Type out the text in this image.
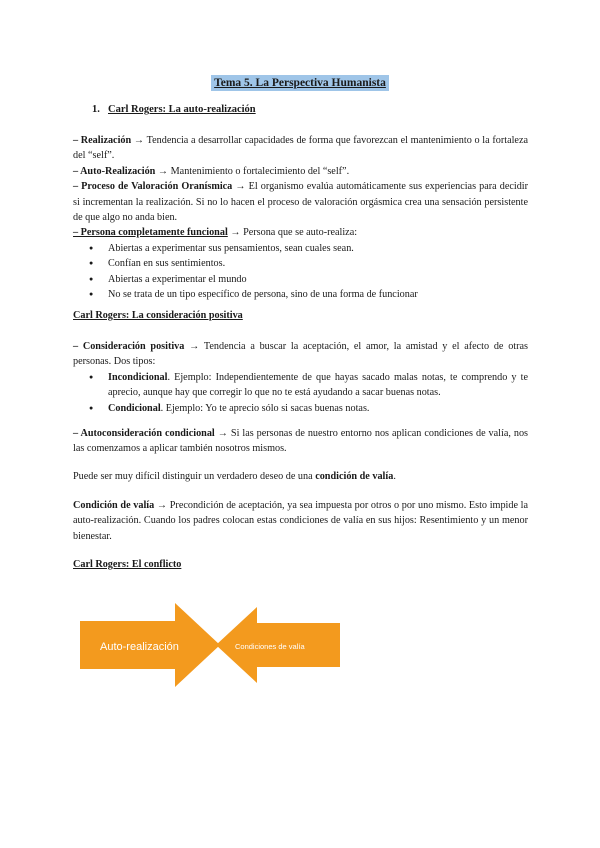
Tema 5. La Perspectiva Humanista
1. Carl Rogers: La auto-realización

– Realización → Tendencia a desarrollar capacidades de forma que favorezcan el mantenimiento o la fortaleza del “self”.

– Auto-Realización → Mantenimiento o fortalecimiento del “self”.

– Proceso de Valoración Oranísmica → El organismo evalúa automáticamente sus experiencias para decidir si incrementan la realización. Si no lo hacen el proceso de valoración orgásmica crea una sensación persistente de que algo no anda bien.

– Persona completamente funcional → Persona que se auto-realiza:

● Abiertas a experimentar sus pensamientos, sean cuales sean.
● Confían en sus sentimientos.
● Abiertas a experimentar el mundo
● No se trata de un tipo específico de persona, sino de una forma de funcionar
Carl Rogers: La consideración positiva

– Consideración positiva → Tendencia a buscar la aceptación, el amor, la amistad y el afecto de otras personas. Dos tipos:

● Incondicional. Ejemplo: Independientemente de que hayas sacado malas notas, te comprendo y te aprecio, aunque hay que corregir lo que no te está ayudando a sacar buenas notas.
● Condicional. Ejemplo: Yo te aprecio sólo si sacas buenas notas.

– Autoconsideración condicional → Si las personas de nuestro entorno nos aplican condiciones de valía, nos las comenzamos a aplicar también nosotros mismos.

Puede ser muy difícil distinguir un verdadero deseo de una condición de valía.

Condición de valía → Precondición de aceptación, ya sea impuesta por otros o por uno mismo. Esto impide la auto-realización. Cuando los padres colocan estas condiciones de valía en sus hijos: Resentimiento y un menor bienestar.

Carl Rogers: El conflicto
Auto-realización	Condiciones de valía
